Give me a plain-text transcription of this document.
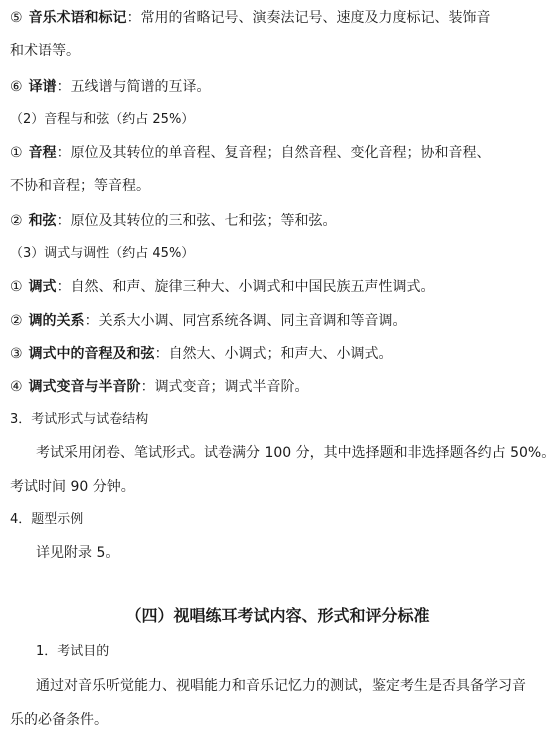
⑤ 音乐术语和标记：常用的省略记号、演奏法记号、速度及力度标记、装饰音
和术语等。
⑥ 译谱：五线谱与简谱的互译。
（2）音程与和弦（约占 25%）
① 音程：原位及其转位的单音程、复音程；自然音程、变化音程；协和音程、
不协和音程；等音程。
② 和弦：原位及其转位的三和弦、七和弦；等和弦。
（3）调式与调性（约占 45%）
① 调式：自然、和声、旋律三种大、小调式和中国民族五声性调式。
② 调的关系：关系大小调、同宫系统各调、同主音调和等音调。
③ 调式中的音程及和弦：自然大、小调式；和声大、小调式。
④ 调式变音与半音阶：调式变音；调式半音阶。
3．考试形式与试卷结构
考试采用闭卷、笔试形式。试卷满分 100 分，其中选择题和非选择题各约占 50%。
考试时间 90 分钟。
4．题型示例
详见附录 5。
（四）视唱练耳考试内容、形式和评分标准
1．考试目的
通过对音乐听觉能力、视唱能力和音乐记忆力的测试，鉴定考生是否具备学习音
乐的必备条件。
